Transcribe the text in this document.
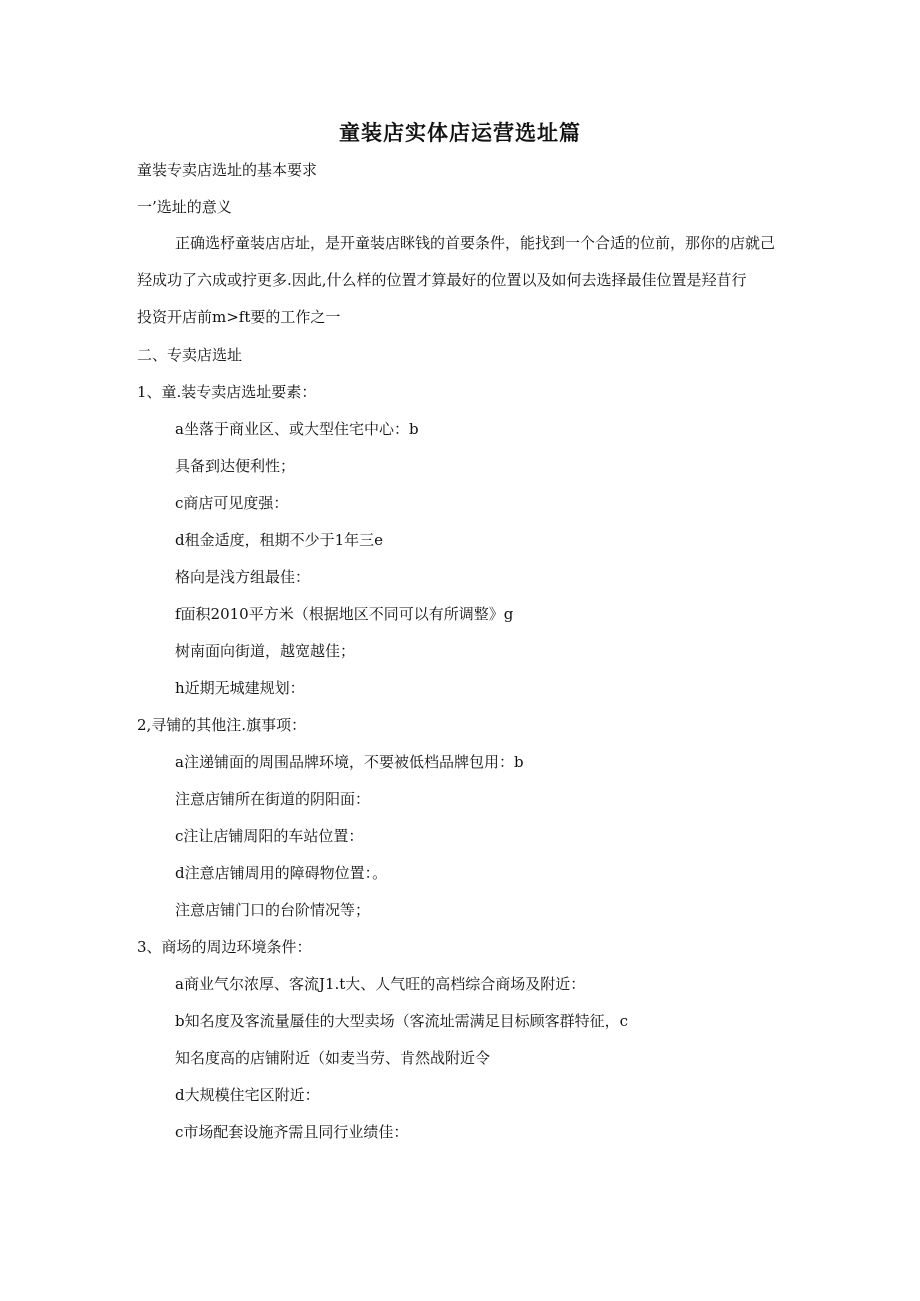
童装店实体店运营选址篇
童装专卖店选址的基本要求
一’选址的意义
正确选杼童装店店址，是开童装店眯钱的首要条件，能找到一个合适的位前，那你的店就己
羟成功了六成或拧更多.因此,什么样的位置才算最好的位置以及如何去选择最佳位置是羟苜行
投资开店前m>ft要的工作之一
二、专卖店选址
1、童.装专卖店选址要素：
a坐落于商业区、或大型住宅中心：b
具备到达便利性；
c商店可见度强：
d租金适度，租期不少于1年三e
格向是浅方组最佳：
f面积2010平方米（根据地区不同可以有所调整》g
树南面向街道，越宽越佳；
h近期无城建规划：
2,寻铺的其他注.旗事项：
a注递铺面的周围品牌环境，不要被低档品牌包用：b
注意店铺所在街道的阴阳面：
c注让店铺周阳的车站位置：
d注意店铺周用的障碍物位置：。
注意店铺门口的台阶情况等；
3、商场的周边环境条件：
a商业气尔浓厚、客流J1.t大、人气旺的高档综合商场及附近：
b知名度及客流量蜃佳的大型卖场（客流址需满足目标顾客群特征，c
知名度高的店铺附近（如麦当劳、肯然战附近令
d大规模住宅区附近：
c市场配套设施齐需且同行业绩佳：
